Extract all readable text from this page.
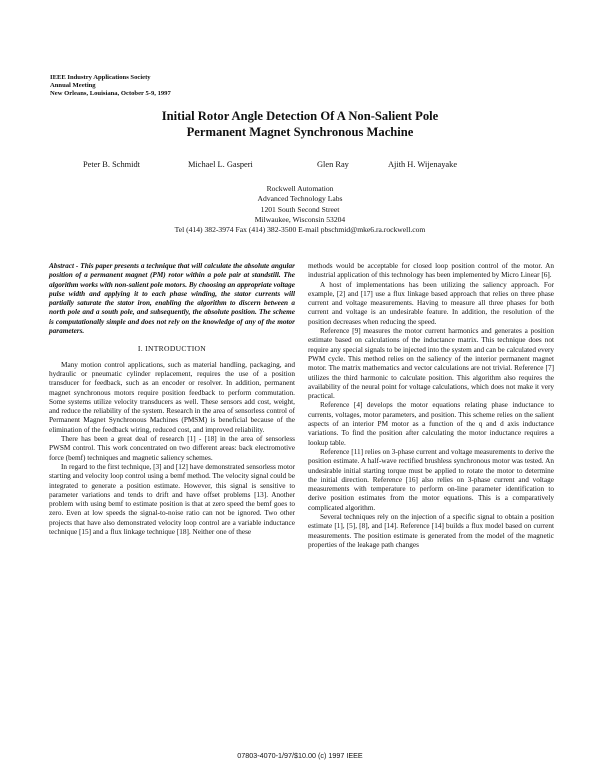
IEEE Industry Applications Society
Annual Meeting
New Orleans, Louisiana, October 5-9, 1997
Initial Rotor Angle Detection Of A Non-Salient Pole
Permanent Magnet Synchronous Machine
Peter B. Schmidt	Michael L. Gasperi	Glen Ray	Ajith H. Wijenayake
Rockwell Automation
Advanced Technology Labs
1201 South Second Street
Milwaukee, Wisconsin 53204
Tel (414) 382-3974 Fax (414) 382-3500 E-mail pbschmid@mke6.ra.rockwell.com

Abstract - This paper presents a technique that will calculate the absolute angular position of a permanent magnet (PM) rotor within a pole pair at standstill. The algorithm works with non-salient pole motors. By choosing an appropriate voltage pulse width and applying it to each phase winding, the stator currents will partially saturate the stator iron, enabling the algorithm to discern between a north pole and a south pole, and subsequently, the absolute position. The scheme is computationally simple and does not rely on the knowledge of any of the motor parameters.

I. INTRODUCTION

Many motion control applications, such as material handling, packaging, and hydraulic or pneumatic cylinder replacement, requires the use of a position transducer for feedback, such as an encoder or resolver. In addition, permanent magnet synchronous motors require position feedback to perform commutation. Some systems utilize velocity transducers as well. These sensors add cost, weight, and reduce the reliability of the system. Research in the area of sensorless control of Permanent Magnet Synchronous Machines (PMSM) is beneficial because of the elimination of the feedback wiring, reduced cost, and improved reliability.

There has been a great deal of research [1] - [18] in the area of sensorless PWSM control. This work concentrated on two different areas: back electromotive force (bemf) techniques and magnetic saliency schemes.

In regard to the first technique, [3] and [12] have demonstrated sensorless motor starting and velocity loop control using a bemf method. The velocity signal could be integrated to generate a position estimate. However, this signal is sensitive to parameter variations and tends to drift and have offset problems [13]. Another problem with using bemf to estimate position is that at zero speed the bemf goes to zero. Even at low speeds the signal-to-noise ratio can not be ignored. Two other projects that have also demonstrated velocity loop control are a variable inductance technique [15] and a flux linkage technique [18]. Neither one of these

methods would be acceptable for closed loop position control of the motor. An industrial application of this technology has been implemented by Micro Linear [6].

A host of implementations has been utilizing the saliency approach. For example, [2] and [17] use a flux linkage based approach that relies on three phase current and voltage measurements. Having to measure all three phases for both current and voltage is an undesirable feature. In addition, the resolution of the position decreases when reducing the speed.

Reference [9] measures the motor current harmonics and generates a position estimate based on calculations of the inductance matrix. This technique does not require any special signals to be injected into the system and can be calculated every PWM cycle. This method relies on the saliency of the interior permanent magnet motor. The matrix mathematics and vector calculations are not trivial. Reference [7] utilizes the third harmonic to calculate position. This algorithm also requires the availability of the neural point for voltage calculations, which does not make it very practical.

Reference [4] develops the motor equations relating phase inductance to currents, voltages, motor parameters, and position. This scheme relies on the salient aspects of an interior PM motor as a function of the q and d axis inductance variations. To find the position after calculating the motor inductance requires a lookup table.

Reference [11] relies on 3-phase current and voltage measurements to derive the position estimate. A half-wave rectified brushless synchronous motor was tested. An undesirable initial starting torque must be applied to rotate the motor to determine the initial direction. Reference [16] also relies on 3-phase current and voltage measurements with temperature to perform on-line parameter identification to derive position estimates from the motor equations. This is a comparatively complicated algorithm.

Several techniques rely on the injection of a specific signal to obtain a position estimate [1], [5], [8], and [14]. Reference [14] builds a flux model based on current measurements. The position estimate is generated from the model of the magnetic properties of the leakage path changes

07803-4070-1/97/$10.00 (c) 1997 IEEE
